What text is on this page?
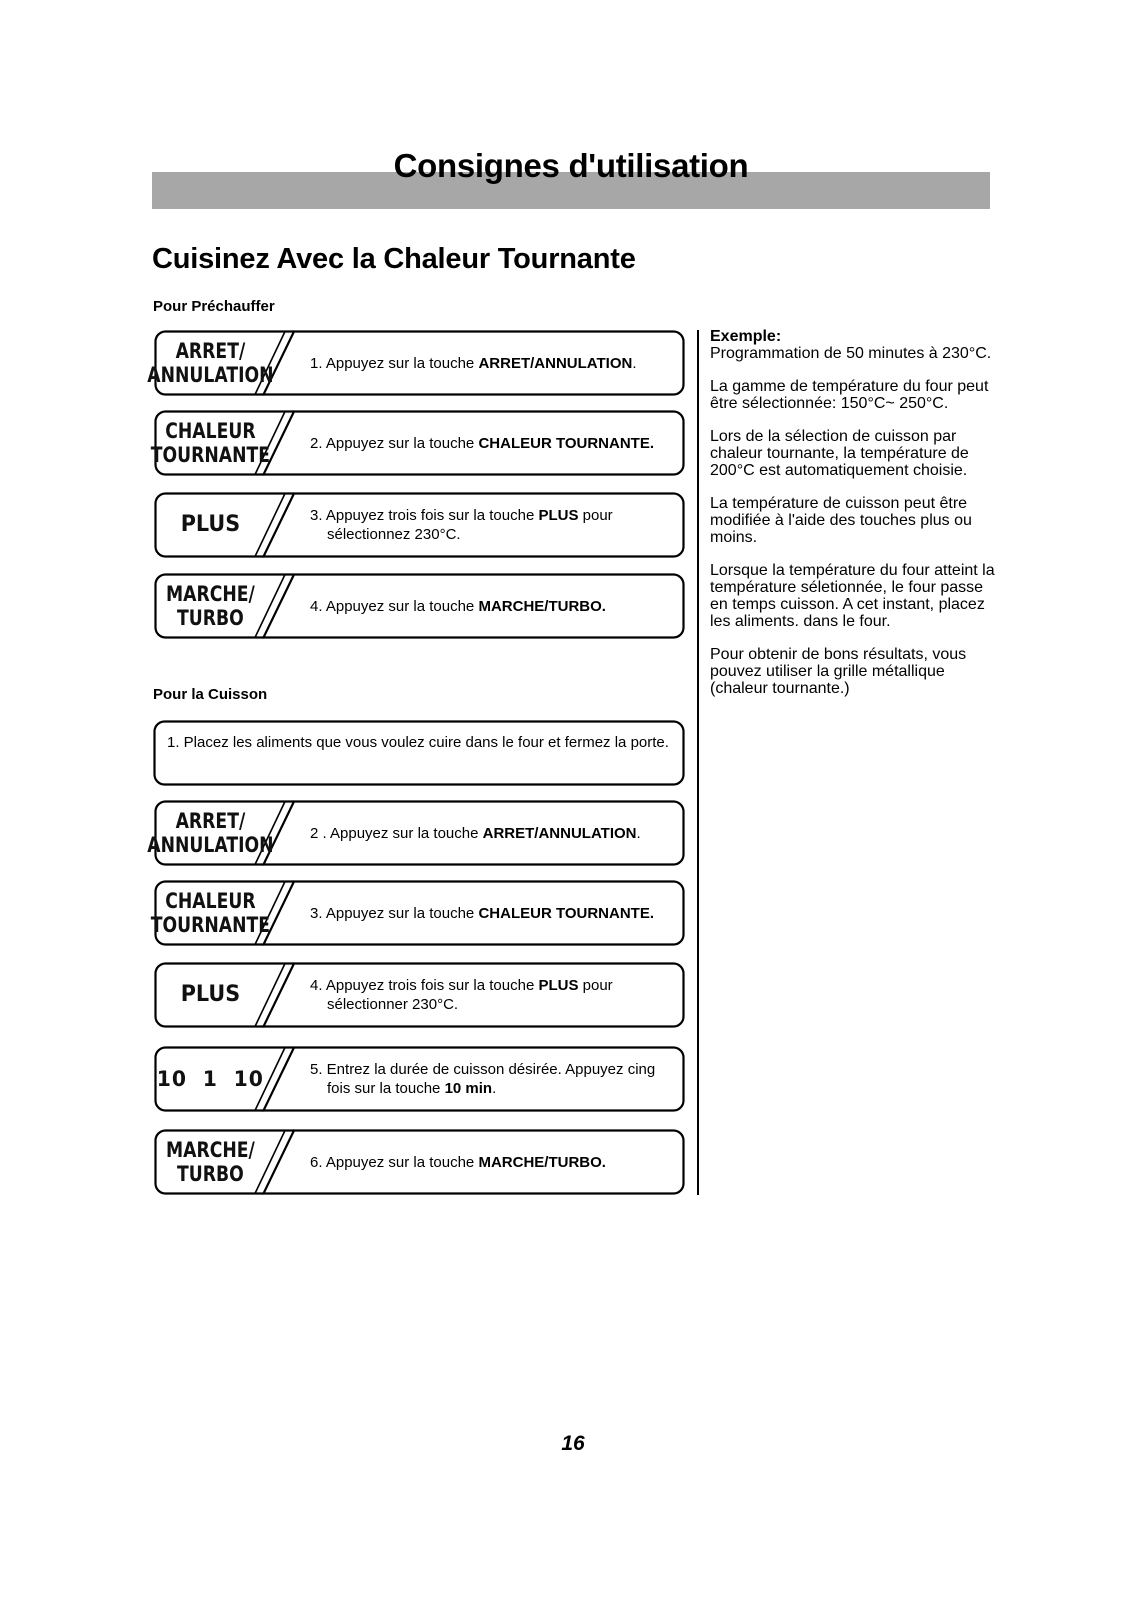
Consignes d'utilisation
Cuisinez Avec la Chaleur Tournante
Pour Préchauffer
ARRET/
ANNULATION 1. Appuyez sur la touche ARRET/ANNULATION.

CHALEUR
TOURNANTE	2. Appuyez sur la touche CHALEUR TOURNANTE.

PLUS	3. Appuyez trois fois sur la touche PLUS pour sélectionnez 230°C.

MARCHE/
TURBO	4. Appuyez sur la touche MARCHE/TURBO.

Pour la Cuisson
1. Placez les aliments que vous voulez cuire dans le four et fermez la porte.
ARRET/
ANNULATION 2 . Appuyez sur la touche ARRET/ANNULATION.

CHALEUR
TOURNANTE	3. Appuyez sur la touche CHALEUR TOURNANTE.

PLUS	4. Appuyez trois fois sur la touche PLUS pour sélectionner 230°C.

10 1 10	5. Entrez la durée de cuisson désirée. Appuyez cing fois sur la touche 10 min.

MARCHE/
TURBO	6. Appuyez sur la touche MARCHE/TURBO.

Exemple:

Programmation de 50 minutes à 230°C.

La gamme de température du four peut être sélectionnée: 150°C~ 250°C.

Lors de la sélection de cuisson par chaleur tournante, la température de 200°C est automatiquement choisie.

La température de cuisson peut être modifiée à l'aide des touches plus ou moins.

Lorsque la température du four atteint la température séletionnée, le four passe en temps cuisson. A cet instant, placez les aliments. dans le four.

Pour obtenir de bons résultats, vous pouvez utiliser la grille métallique (chaleur tournante.)

16
